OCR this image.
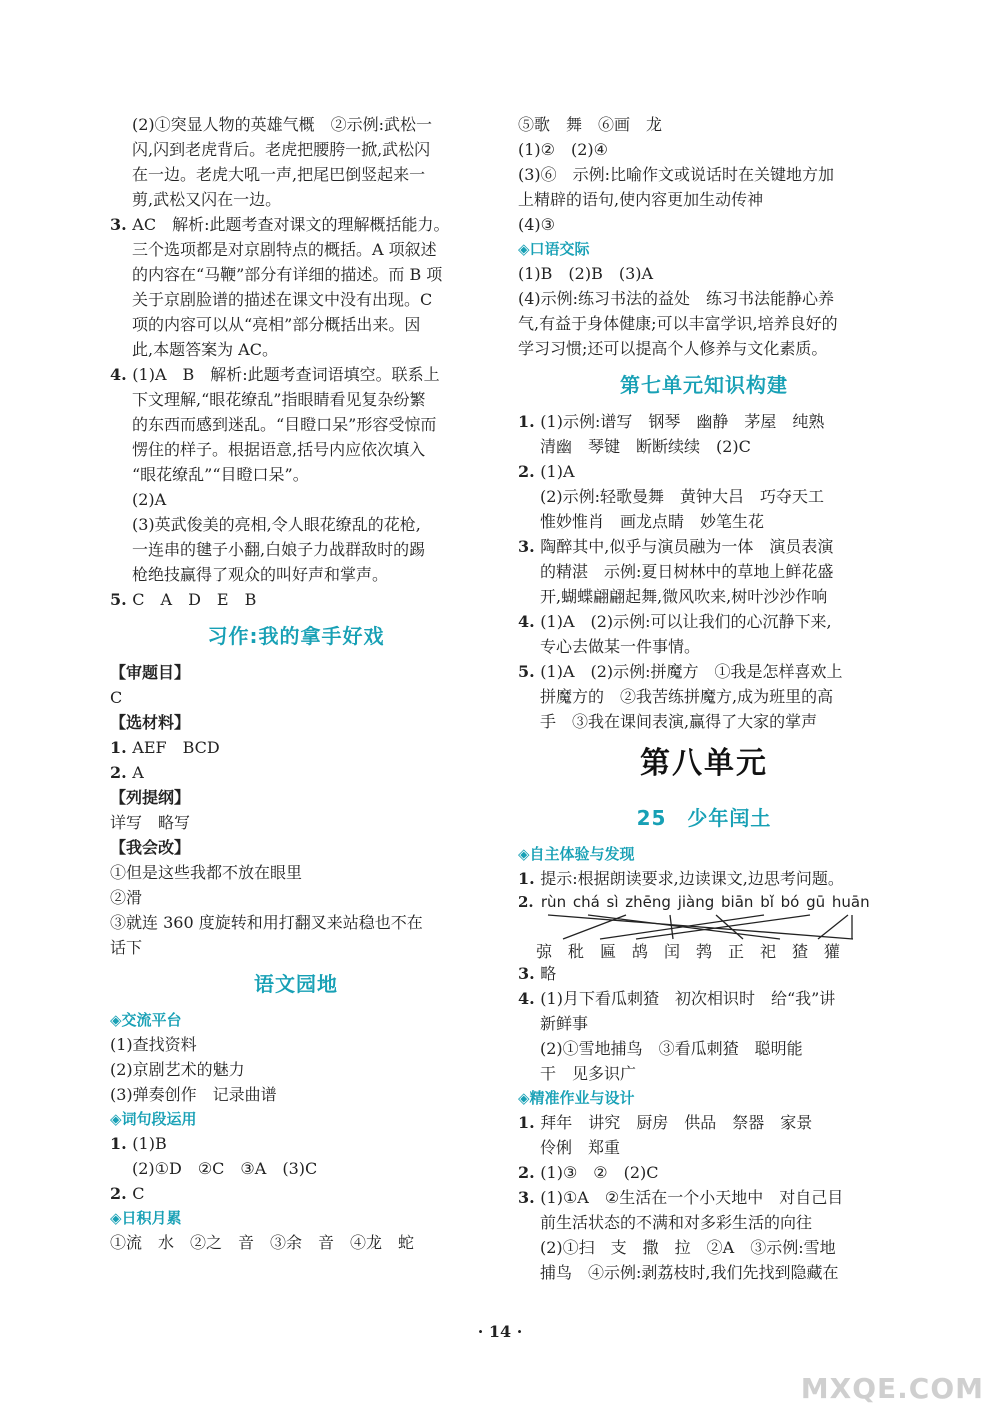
(2)①突显人物的英雄气概　②示例:武松一
闪,闪到老虎背后。老虎把腰胯一掀,武松闪
在一边。老虎大吼一声,把尾巴倒竖起来一
剪,武松又闪在一边。
3. AC　解析:此题考查对课文的理解概括能力。
三个选项都是对京剧特点的概括。A 项叙述
的内容在“马鞭”部分有详细的描述。而 B 项
关于京剧脸谱的描述在课文中没有出现。C
项的内容可以从“亮相”部分概括出来。因
此,本题答案为 AC。
4. (1)A　B　解析:此题考查词语填空。联系上
下文理解,“眼花缭乱”指眼睛看见复杂纷繁
的东西而感到迷乱。“目瞪口呆”形容受惊而
愣住的样子。根据语意,括号内应依次填入
“眼花缭乱”“目瞪口呆”。
(2)A
(3)英武俊美的亮相,令人眼花缭乱的花枪,
一连串的毽子小翻,白娘子力战群敌时的踢
枪绝技赢得了观众的叫好声和掌声。
5. C　A　D　E　B
习作:我的拿手好戏
【审题目】
C
【选材料】
1. AEF　BCD
2. A
【列提纲】
详写　略写
【我会改】
①但是这些我都不放在眼里
②滑
③就连 360 度旋转和用打翻叉来站稳也不在
话下
语文园地
◈交流平台
(1)查找资料
(2)京剧艺术的魅力
(3)弹奏创作　记录曲谱
◈词句段运用
1. (1)B
(2)①D　②C　③A　(3)C
2. C
◈日积月累
①流　水　②之　音　③余　音　④龙　蛇
⑤歌　舞　⑥画　龙
(1)②　(2)④
(3)⑥　示例:比喻作文或说话时在关键地方加
上精辟的语句,使内容更加生动传神
(4)③
◈口语交际
(1)B　(2)B　(3)A
(4)示例:练习书法的益处　练习书法能静心养
气,有益于身体健康;可以丰富学识,培养良好的
学习习惯;还可以提高个人修养与文化素质。
第七单元知识构建
1. (1)示例:谱写　钢琴　幽静　茅屋　纯熟
清幽　琴键　断断续续　(2)C
2. (1)A
(2)示例:轻歌曼舞　黄钟大吕　巧夺天工
惟妙惟肖　画龙点睛　妙笔生花
3. 陶醉其中,似乎与演员融为一体　演员表演
的精湛　示例:夏日树林中的草地上鲜花盛
开,蝴蝶翩翩起舞,微风吹来,树叶沙沙作响
4. (1)A　(2)示例:可以让我们的心沉静下来,
专心去做某一件事情。
5. (1)A　(2)示例:拼魔方　①我是怎样喜欢上
拼魔方的　②我苦练拼魔方,成为班里的高
手　③我在课间表演,赢得了大家的掌声
第八单元
25　少年闰土
◈自主体验与发现
1. 提示:根据朗读要求,边读课文,边思考问题。
2. rùn chá sì zhēng jiàng biān bǐ bó gū huān
弶秕匾鸪闰鹁正祀猹獾
3. 略
4. (1)月下看瓜刺猹　初次相识时　给“我”讲
新鲜事
(2)①雪地捕鸟　③看瓜刺猹　聪明能
干　见多识广
◈精准作业与设计
1. 拜年　讲究　厨房　供品　祭器　家景
伶俐　郑重
2. (1)③　②　(2)C
3. (1)①A　②生活在一个小天地中　对自己目
前生活状态的不满和对多彩生活的向往
(2)①扫　支　撒　拉　②A　③示例:雪地
捕鸟　④示例:剥荔枝时,我们先找到隐藏在
· 14 ·
MXQE.COM
